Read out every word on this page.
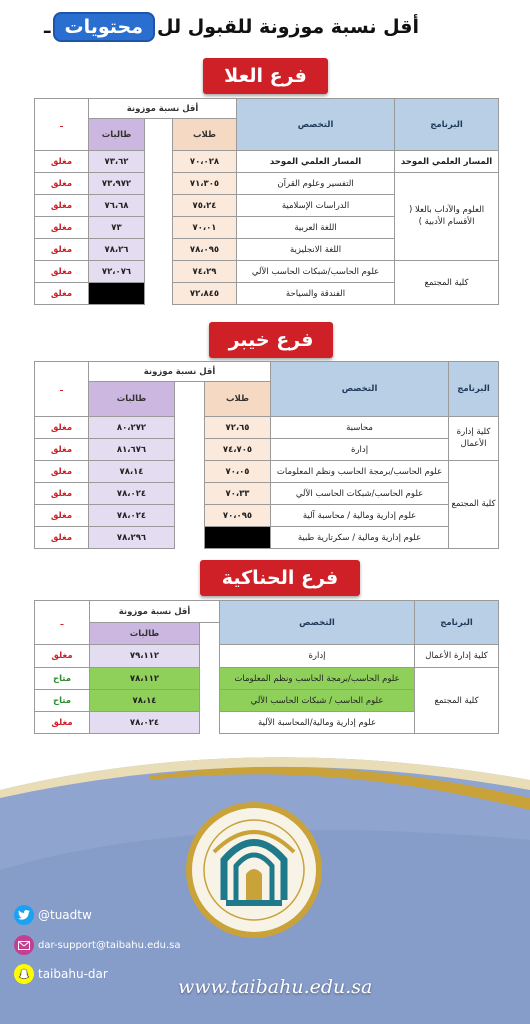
أقل نسبة موزونة للقبول للمحتوياتـ
فرع العلا
ـ	أقل نسبة موزونة			التخصص	البرنامج
	طالبات		طلاب		
مغلق	٧٣،٦٢		٧٠،٠٢٨	المسار العلمي الموحد	المسار العلمي الموحد
مغلق	٧٣،٩٧٢		٧١،٣٠٥	التفسير وعلوم القرآن	العلوم والآداب بالعلا ( الأقسام الأدبية )
مغلق	٧٦،٦٨		٧٥،٢٤	الدراسات الإسلامية	
مغلق	٧٣		٧٠،٠١	اللغة العربية	
مغلق	٧٨،٢٦		٧٨،٠٩٥	اللغة الانجليزية	
مغلق	٧٢،٠٧٦		٧٤،٢٩	علوم الحاسب/شبكات الحاسب الآلي	كلية المجتمع
مغلق			٧٢،٨٤٥	الفندقة والسياحة	
فرع خيبر
ـ	أقل نسبة موزونة			التخصص	البرنامج
	طالبات		طلاب		
مغلق	٨٠،٢٧٢		٧٢،٦٥	محاسبة	كلية إدارة الأعمال
مغلق	٨١،٦٧٦		٧٤،٧٠٥	إدارة	
مغلق	٧٨،١٤		٧٠،٠٥	علوم الحاسب/برمجة الحاسب ونظم المعلومات	كلية المجتمع
مغلق	٧٨،٠٢٤		٧٠،٣٣	علوم الحاسب/شبكات الحاسب الآلي	
مغلق	٧٨،٠٢٤		٧٠،٠٩٥	علوم إدارية ومالية / محاسبة آلية	
مغلق	٧٨،٢٩٦			علوم إدارية ومالية / سكرتارية طبية	
فرع الحناكية
ـ	أقل نسبة موزونة		التخصص	البرنامج
	طالبات			
مغلق	٧٩،١١٢		إدارة	كلية إدارة الأعمال
متاح	٧٨،١١٢		علوم الحاسب/برمجة الحاسب ونظم المعلومات	كلية المجتمع
متاح	٧٨،١٤		علوم الحاسب / شبكات الحاسب الآلي	
مغلق	٧٨،٠٢٤		علوم إدارية ومالية/المحاسبة الآلية	
@tuadtw
dar-support@taibahu.edu.sa
taibahu-dar
www.taibahu.edu.sa
